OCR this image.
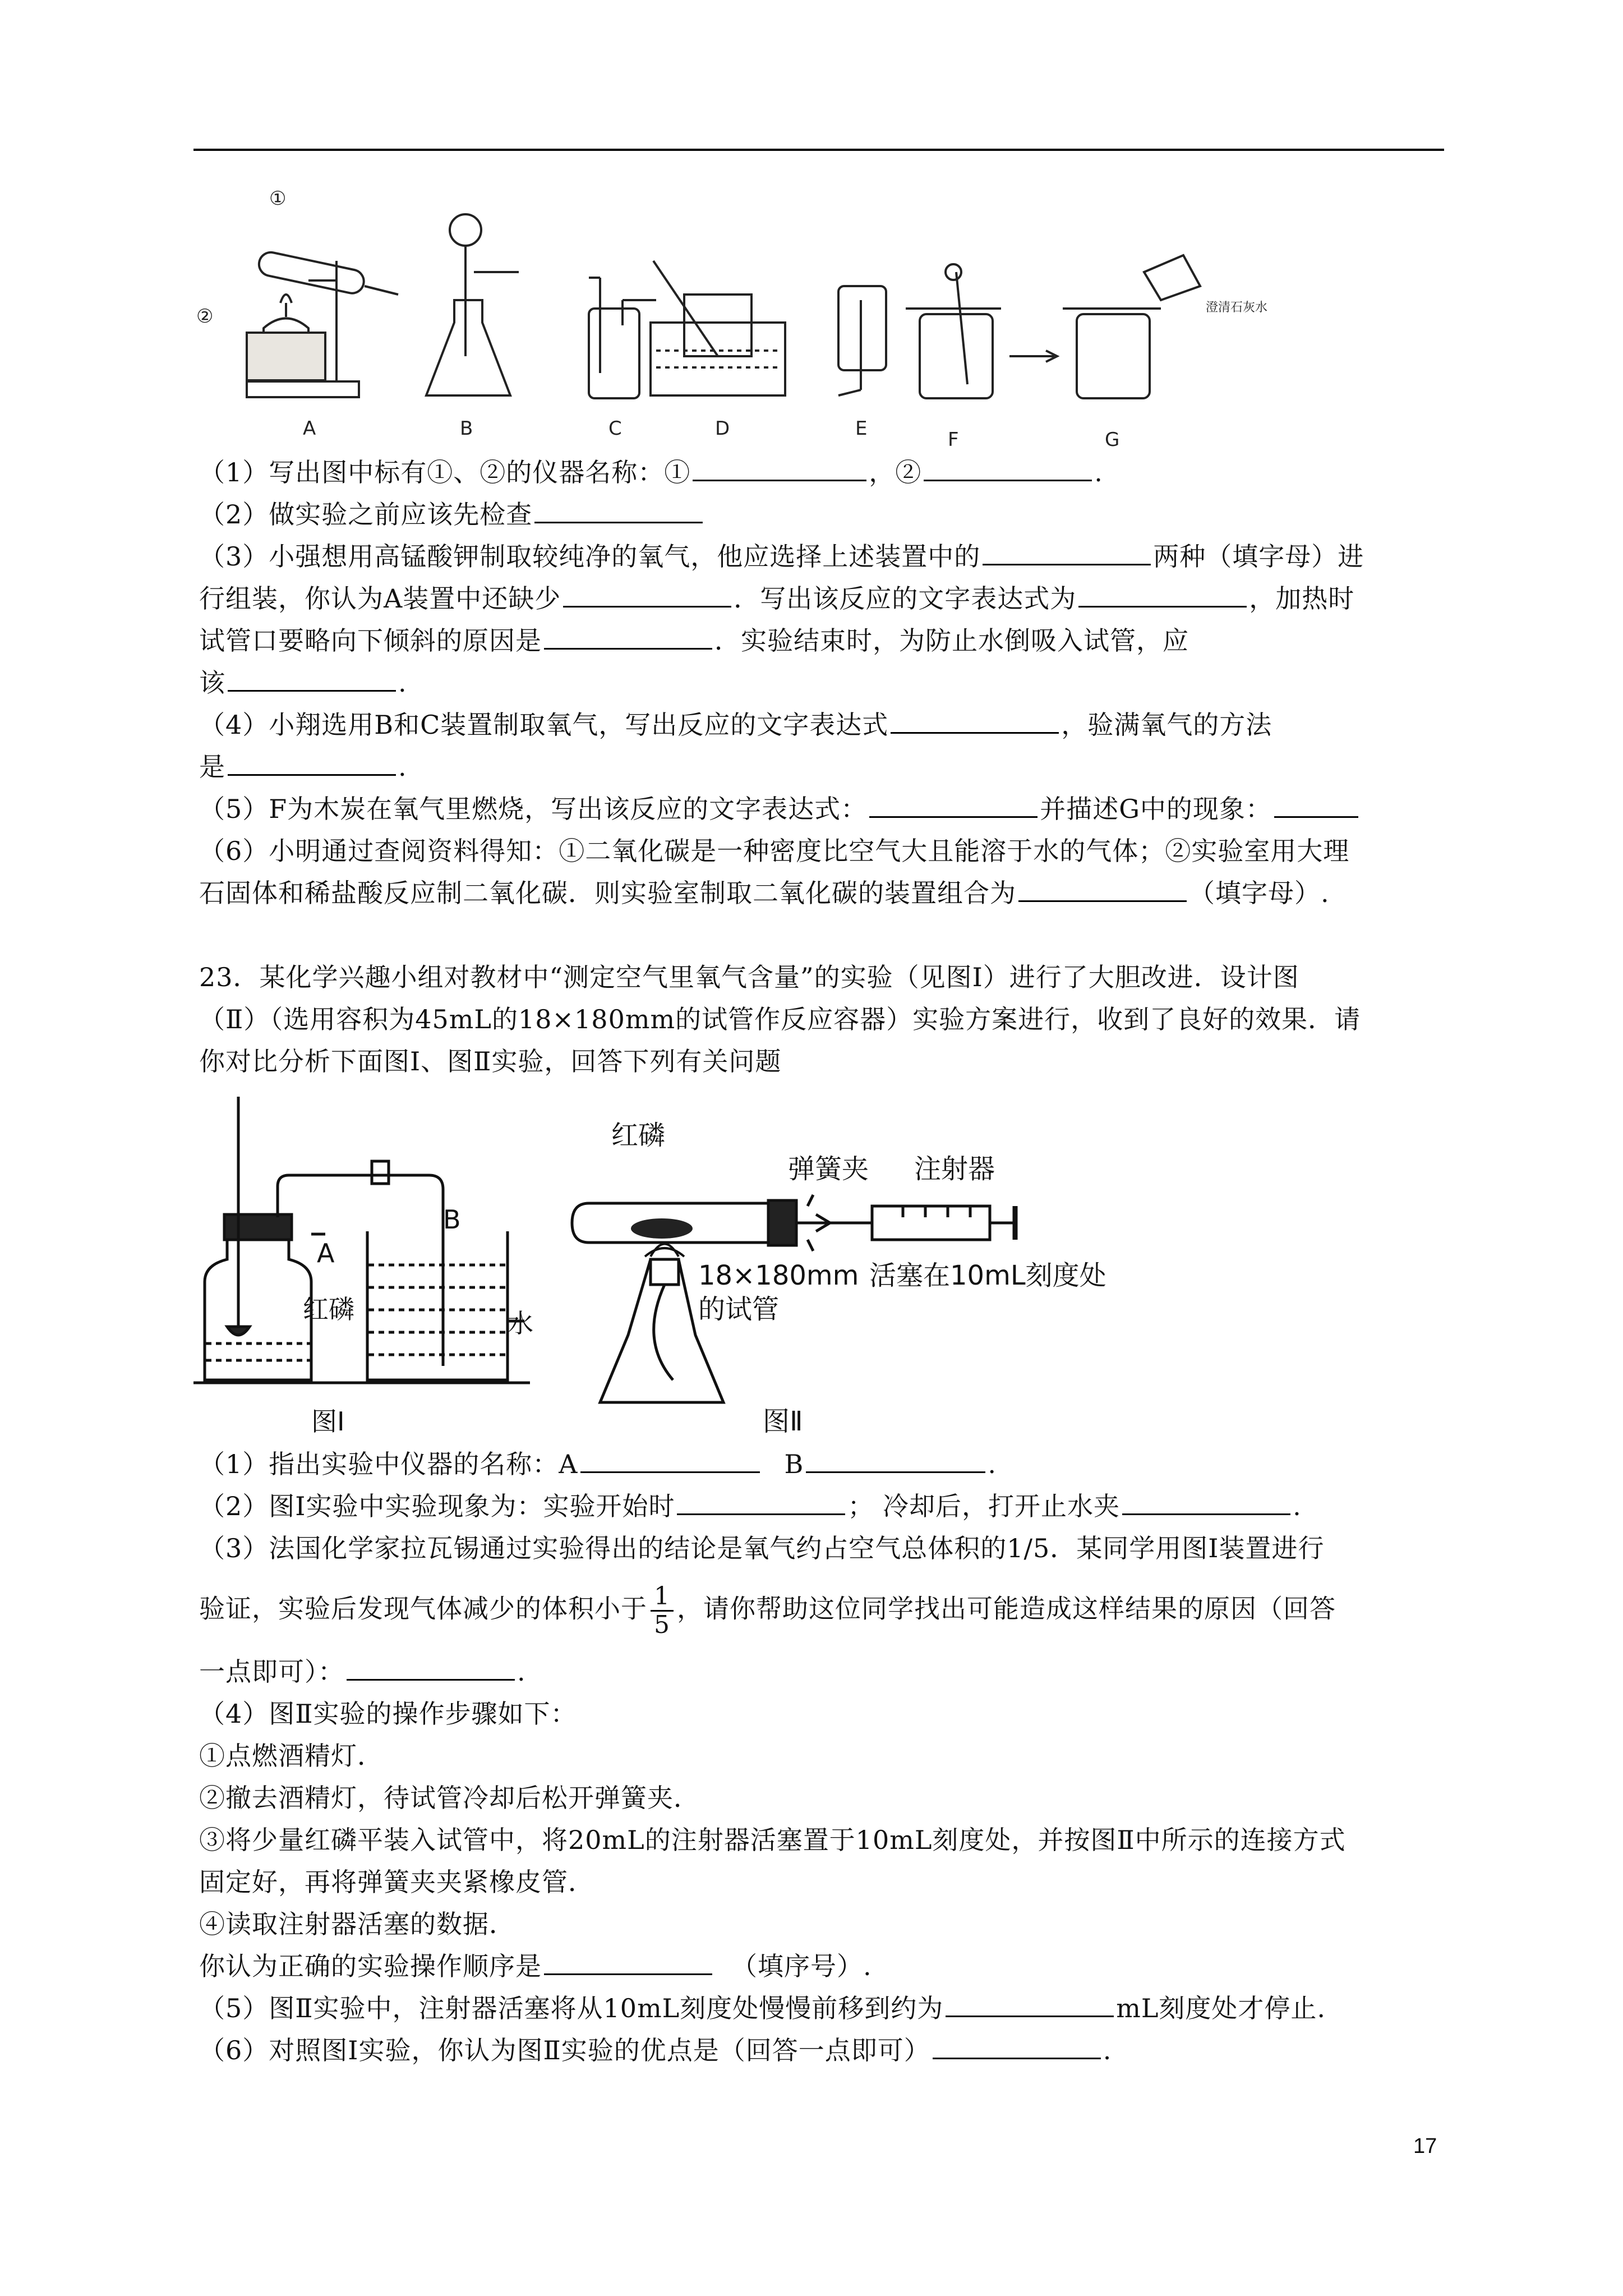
①
②
A	B	C	D	E	F	G
澄清石灰水
（1）写出图中标有①、②的仪器名称：①	，②	.
（2）做实验之前应该先检查
（3）小强想用高锰酸钾制取较纯净的氧气，他应选择上述装置中的	两种（填字母）进
行组装，你认为A装置中还缺少	．写出该反应的文字表达式为	，加热时
试管口要略向下倾斜的原因是	．实验结束时，为防止水倒吸入试管，应
该	.
（4）小翔选用B和C装置制取氧气，写出反应的文字表达式	，验满氧气的方法
是	.
（5）F为木炭在氧气里燃烧，写出该反应的文字表达式：	并描述G中的现象：
（6）小明通过查阅资料得知：①二氧化碳是一种密度比空气大且能溶于水的气体；②实验室用大理
石固体和稀盐酸反应制二氧化碳．则实验室制取二氧化碳的装置组合为	（填字母）.
23．某化学兴趣小组对教材中“测定空气里氧气含量”的实验（见图Ⅰ）进行了大胆改进．设计图
（Ⅱ）（选用容积为45mL的18×180mm的试管作反应容器）实验方案进行，收到了良好的效果．请
你对比分析下面图Ⅰ、图Ⅱ实验，回答下列有关问题
B
A
红磷	水
图Ⅰ
红磷
弹簧夹 注射器
18×180mm
的试管
活塞在10mL刻度处
图Ⅱ
（1）指出实验中仪器的名称：A	B	.
（2）图Ⅰ实验中实验现象为：实验开始时	； 冷却后，打开止水夹	.
（3）法国化学家拉瓦锡通过实验得出的结论是氧气约占空气总体积的1/5．某同学用图Ⅰ装置进行
验证，实验后发现气体减少的体积小于 $\frac{1}{5}$ ，请你帮助这位同学找出可能造成这样结果的原因（回答
一点即可）：	.
（4）图Ⅱ实验的操作步骤如下：
①点燃酒精灯．
②撤去酒精灯，待试管冷却后松开弹簧夹．
③将少量红磷平装入试管中，将20mL的注射器活塞置于10mL刻度处，并按图Ⅱ中所示的连接方式
固定好，再将弹簧夹夹紧橡皮管．
④读取注射器活塞的数据．
你认为正确的实验操作顺序是	（填序号）.
（5）图Ⅱ实验中，注射器活塞将从10mL刻度处慢慢前移到约为	mL刻度处才停止.
（6）对照图Ⅰ实验，你认为图Ⅱ实验的优点是（回答一点即可）	.
17
